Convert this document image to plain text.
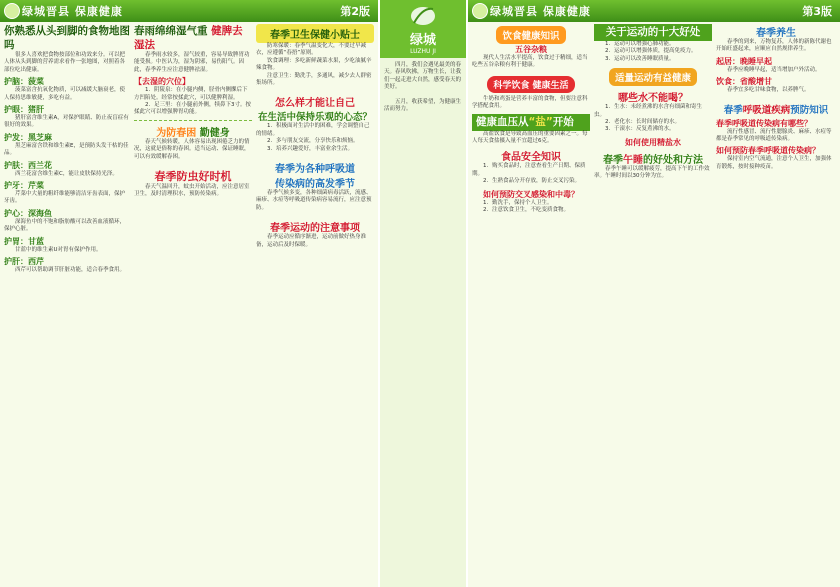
绿城晋县 保康健康	第2版
你熟悉从头到脚的食物地图吗

很多人喜欢把食物按部位和功效来分。可以把人体从头到脚的营养需求看作一张地图，对照着各部位吃出健康。

护脑：菠菜

菠菜富含抗氧化物质，可以减缓大脑衰老，使人保持思维敏捷，多吃有益。

护眼：猪肝

猪肝富含维生素A，对保护眼睛、防止夜盲症有很好的效果。

护发：黑芝麻

黑芝麻富含铁和维生素E，是预防头发干枯的佳品。

护肤：西兰花

西兰花富含维生素C，能让皮肤保持光泽。

护牙：芹菜

芹菜中大量的粗纤维能够清洁牙齿表面，保护牙齿。

护心：深海鱼

深海鱼中的不饱和脂肪酸可以改善血液循环，保护心脏。

护胃：甘蓝

甘蓝中的维生素U对胃有保护作用。

护肝：西芹

西芹可以帮助调节肝脏功能，适合春季食用。

春雨绵绵湿气重 健脾去湿法

春季雨水较多，湿气较重，容易导致脾胃功能受损。中医认为，湿为阴邪，易伤阳气。因此，春季养生应注意健脾祛湿。

【去湿的穴位】

1．阴陵泉：在小腿内侧，胫骨内侧髁后下方凹陷处。经常按揉此穴，可以健脾利湿。

2．足三里：在小腿前外侧，犊鼻下3寸。按揉此穴可以增强脾胃功能。

为防春困 勤健身

春天气候转暖，人体容易出现困倦乏力的情况，这就是俗称的春困。适当运动、保证睡眠，可以有效缓解春困。

春季防虫好时机

春天气温回升，蚊虫开始活动，应注意居室卫生，及时清理积水，预防传染病。

春季卫生保健小贴士

防寒保暖：春季气温变化大，不要过早减衣，应遵循“春捂”原则。

饮食调理：多吃新鲜蔬菜水果，少吃油腻辛辣食物。

注意卫生：勤洗手，多通风，减少去人群密集场所。

怎么样才能让自己
在生活中保持乐观的心态？

1．积极面对生活中的困难，学会调整自己的情绪。

2．多与朋友交流，分享快乐和烦恼。

3．培养兴趣爱好，丰富业余生活。

春季为各种呼吸道
传染病的高发季节

春季气候多变，各种细菌病毒活跃，流感、麻疹、水痘等呼吸道传染病容易流行，应注意预防。

春季运动的注意事项

春季运动应循序渐进，运动前做好热身准备，运动后及时保暖。

绿城
LUZHU JI

四月，我们会遇见最美的春天。春风吹拂，万物生长，让我们一起走进大自然，感受春天的美好。

五月，收获希望，为健康生活而努力。

绿城晋县 保康健康	第3版
饮食健康知识
五谷杂粮

现代人生活水平提高，饮食过于精细，适当吃些五谷杂粮有利于健康。

科学饮食 健康生活

牛奶和鸡蛋是营养丰富的食物，但要注意科学搭配食用。

健康血压从“盐”开始

高盐饮食是导致高血压的重要因素之一。每人每天食盐摄入量不宜超过6克。

食品安全知识

1．购买食品时，注意查看生产日期、保质期。

2．生熟食品分开存放，防止交叉污染。

如何预防交叉感染和中毒？

1．勤洗手，保持个人卫生。

2．注意饮食卫生，不吃变质食物。

关于运动的十大好处

1．运动可以增强心肺功能。

2．运动可以增强体质，提高免疫力。

3．运动可以改善睡眠质量。

适量运动有益健康
哪些水不能喝？

1．生水：未经煮沸的水含有细菌和寄生虫。

2．老化水：长时间储存的水。

3．千滚水：反复煮沸的水。

如何使用精盐水
春季午睡的好处和方法

春季午睡可以缓解疲劳，提高下午的工作效率。午睡时间以30分钟为宜。

春季养生

春季的到来，万物复苏，人体的新陈代谢也开始旺盛起来，应顺应自然规律养生。

起居：晚睡早起

春季应晚睡早起，适当增加户外活动。

饮食：省酸增甘

春季宜多吃甘味食物，以养脾气。

春季呼吸道疾病预防知识
春季呼吸道传染病有哪些？

流行性感冒、流行性腮腺炎、麻疹、水痘等都是春季常见的呼吸道传染病。

如何预防春季呼吸道传染病？

保持室内空气流通，注意个人卫生，加强体育锻炼，按时接种疫苗。
